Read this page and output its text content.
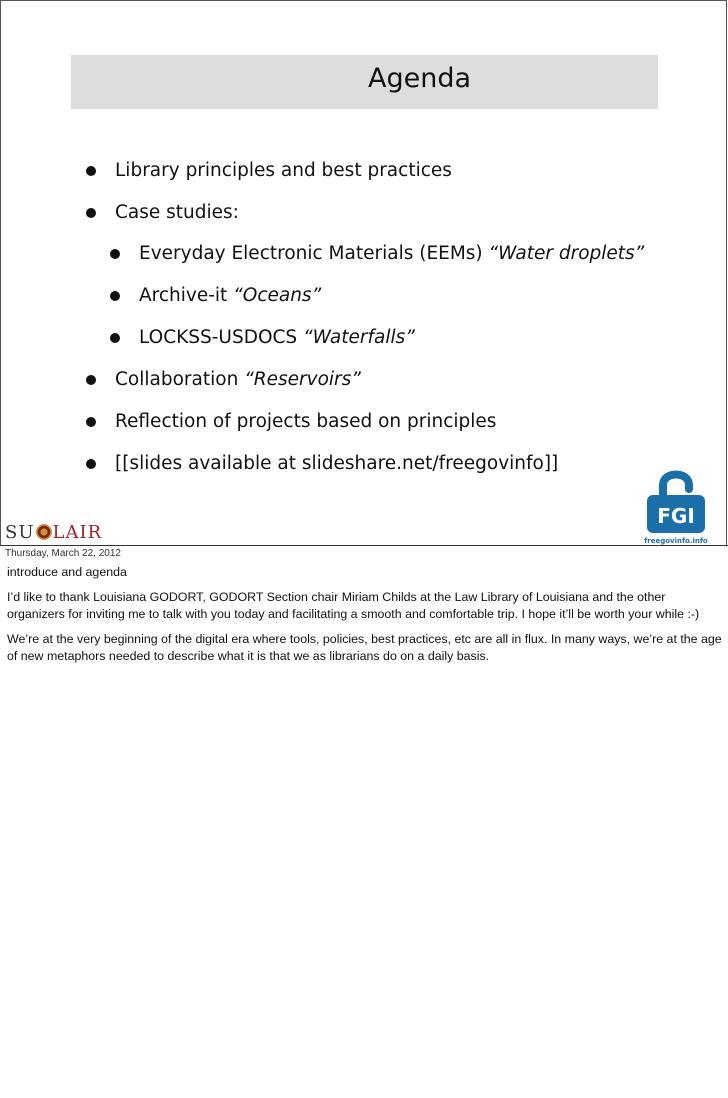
Agenda
Library principles and best practices
Case studies:
Everyday Electronic Materials (EEMs) “Water droplets”
Archive-it “Oceans”
LOCKSS-USDOCS “Waterfalls”
Collaboration “Reservoirs”
Reflection of projects based on principles
[[slides available at slideshare.net/freegovinfo]]
SU LAIR
FGI
freegovinfo.info
Thursday, March 22, 2012

introduce and agenda

I’d like to thank Louisiana GODORT, GODORT Section chair Miriam Childs at the Law Library of Louisiana and the other organizers for inviting me to talk with you today and facilitating a smooth and comfortable trip. I hope it’ll be worth your while :-)

We’re at the very beginning of the digital era where tools, policies, best practices, etc are all in flux. In many ways, we’re at the age of new metaphors needed to describe what it is that we as librarians do on a daily basis.
